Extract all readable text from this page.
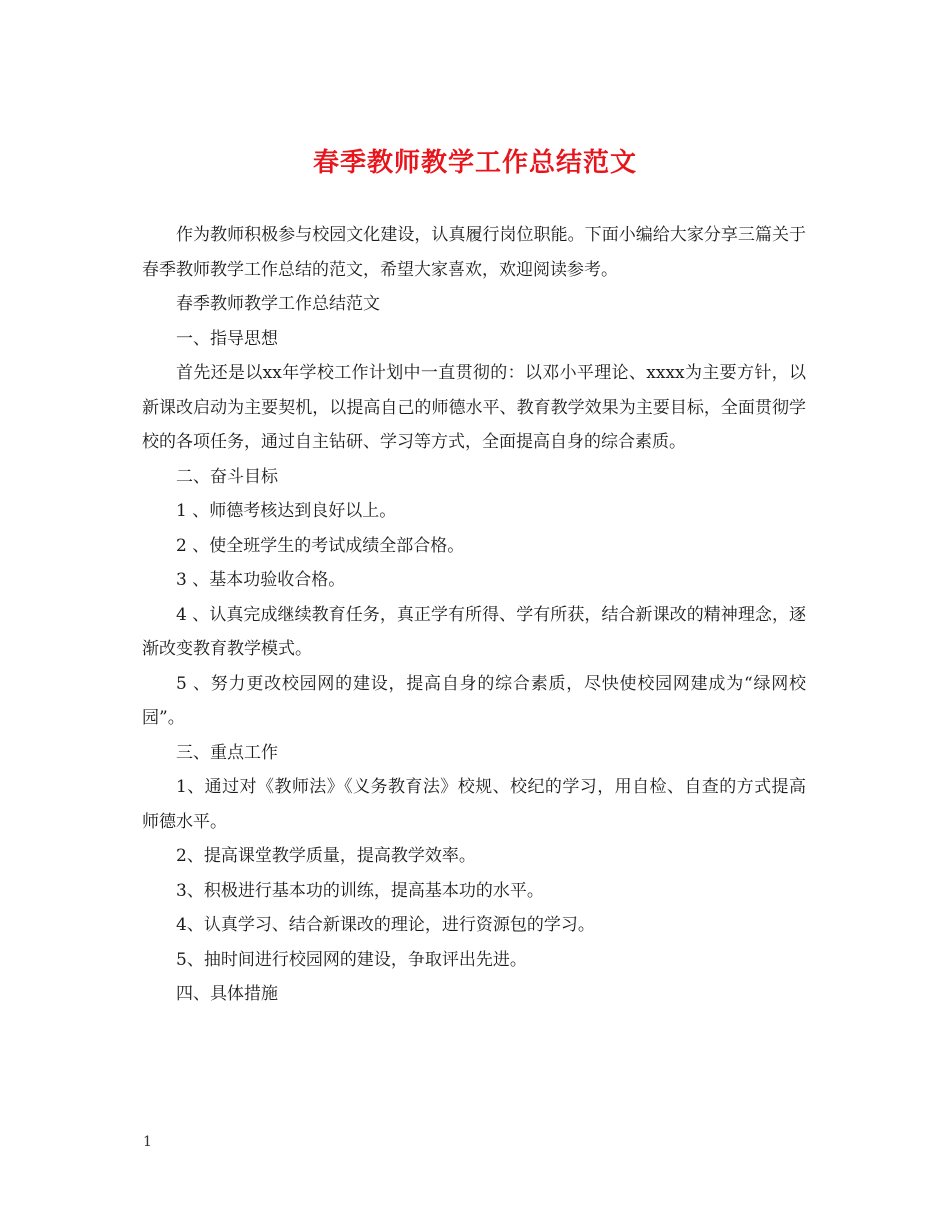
春季教师教学工作总结范文

作为教师积极参与校园文化建设，认真履行岗位职能。下面小编给大家分享三篇关于春季教师教学工作总结的范文，希望大家喜欢，欢迎阅读参考。

春季教师教学工作总结范文

一、指导思想

首先还是以xx年学校工作计划中一直贯彻的：以邓小平理论、xxxx为主要方针，以新课改启动为主要契机，以提高自己的师德水平、教育教学效果为主要目标，全面贯彻学校的各项任务，通过自主钻研、学习等方式，全面提高自身的综合素质。

二、奋斗目标

1 、师德考核达到良好以上。

2 、使全班学生的考试成绩全部合格。

3 、基本功验收合格。

4 、认真完成继续教育任务，真正学有所得、学有所获，结合新课改的精神理念，逐渐改变教育教学模式。

5 、努力更改校园网的建设，提高自身的综合素质，尽快使校园网建成为“绿网校园”。

三、重点工作

1、通过对《教师法》《义务教育法》校规、校纪的学习，用自检、自查的方式提高师德水平。

2、提高课堂教学质量，提高教学效率。

3、积极进行基本功的训练，提高基本功的水平。

4、认真学习、结合新课改的理论，进行资源包的学习。

5、抽时间进行校园网的建设，争取评出先进。

四、具体措施

1
